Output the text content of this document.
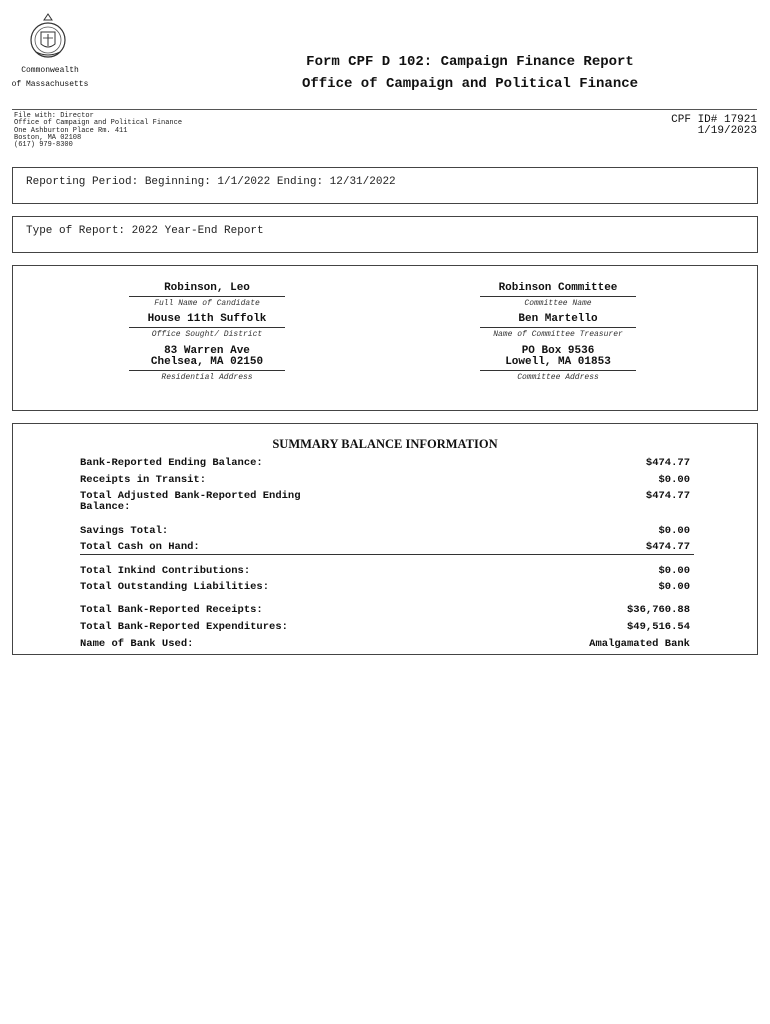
Commonwealth
of Massachusetts
Form CPF D 102: Campaign Finance Report
Office of Campaign and Political Finance
File with: Director
Office of Campaign and Political Finance
One Ashburton Place Rm. 411
Boston, MA 02108
(617) 979-8300
CPF ID# 17921
1/19/2023
Reporting Period: Beginning: 1/1/2022 Ending: 12/31/2022
Type of Report: 2022 Year-End Report
Robinson, Leo
Full Name of Candidate
House 11th Suffolk
Office Sought/ District
83 Warren Ave
Chelsea, MA 02150
Residential Address
Robinson Committee
Committee Name
Ben Martello
Name of Committee Treasurer
PO Box 9536
Lowell, MA 01853
Committee Address
SUMMARY BALANCE INFORMATION
Bank-Reported Ending Balance:	$474.77
Receipts in Transit:	$0.00
Total Adjusted Bank-Reported Ending
Balance:
$474.77
Savings Total:	$0.00
Total Cash on Hand:	$474.77
Total Inkind Contributions:	$0.00
Total Outstanding Liabilities:	$0.00
Total Bank-Reported Receipts:	$36,760.88
Total Bank-Reported Expenditures:	$49,516.54
Name of Bank Used:	Amalgamated Bank
